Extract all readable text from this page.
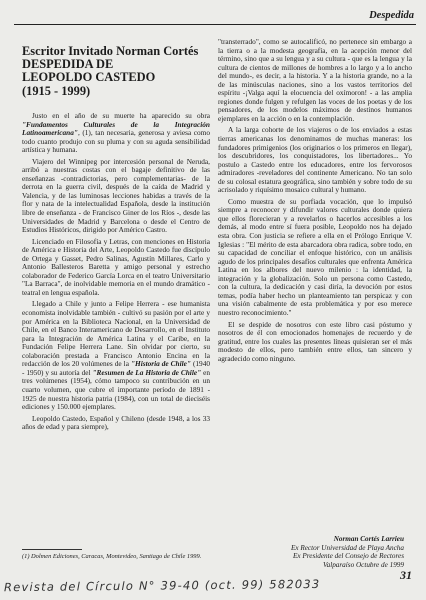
Despedida
Escritor Invitado Norman Cortés
DESPEDIDA DE
LEOPOLDO CASTEDO
(1915 - 1999)

Justo en el año de su muerte ha aparecido su obra "Fundamentos Culturales de la Integración Latinoamericana", (1), tan necesaria, generosa y aviesa como todo cuanto produjo con su pluma y con su aguda sensibilidad artística y humana.

Viajero del Winnipeg por intercesión personal de Neruda, arribó a nuestras costas con el bagaje definitivo de las enseñanzas -contradictorias, pero complementarias- de la derrota en la guerra civil, después de la caída de Madrid y Valencia, y de las luminosas lecciones habidas a través de la flor y nata de la intelectualidad Española, desde la institución libre de enseñanza - de Francisco Giner de los Ríos -, desde las Universidades de Madrid y Barcelona o desde el Centro de Estudios Históricos, dirigido por Américo Castro.

Licenciado en Filosofía y Letras, con menciones en Historia de América e Historia del Arte, Leopoldo Castedo fue discípulo de Ortega y Gasset, Pedro Salinas, Agustín Millares, Carlo y Antonio Ballesteros Baretta y amigo personal y estrecho colaborador de Federico García Lorca en el teatro Universitario "La Barraca", de inolvidable memoria en el mundo dramático - teatral en lengua española.

Llegado a Chile y junto a Felipe Herrera - ese humanista economista inolvidable también - cultivó su pasión por el arte y por América en la Biblioteca Nacional, en la Universidad de Chile, en el Banco Interamericano de Desarrollo, en el Instituto para la Integración de América Latina y el Caribe, en la Fundación Felipe Herrera Lane. Sin olvidar por cierto, su colaboración prestada a Francisco Antonio Encina en la redacción de los 20 volúmenes de la "Historia de Chile" (1940 - 1950) y su autoría del "Resumen de La Historia de Chile" en tres volúmenes (1954), cómo tampoco su contribución en un cuarto volumen, que cubre el importante período de 1891 - 1925 de nuestra historia patria (1984), con un total de dieciséis ediciones y 150.000 ejemplares.

Leopoldo Castedo, Español y Chileno (desde 1948, a los 33 años de edad y para siempre),

"transterrado", como se autocalificó, no pertenece sin embargo a la tierra o a la modesta geografía, en la acepción menor del término, sino que a su lengua y a su cultura - que es la lengua y la cultura de cientos de millones de hombres a lo largo y a lo ancho del mundo-, es decir, a la historia. Y a la historia grande, no a la de las minúsculas naciones, sino a los vastos territorios del espíritu -¡Valga aquí la elocuencia del oxímoron! - a las amplia regiones donde fulgen y refulgen las voces de los poetas y de los pensadores, de los modelos máximos de destinos humanos ejemplares en la acción o en la contemplación.

A la larga cohorte de los viajeros o de los enviados a estas tierras americanas los denominamos de muchas maneras: los fundadores primigenios (los originarios o los primeros en llegar), los descubridores, los conquistadores, los libertadores... Yo postulo a Castedo entre los educadores, entre los fervorosos admiradores -reveladores del continente Americano. No tan solo de su colosal estatura geográfica, sino también y sobre todo de su acrisolado y riquísimo mosaico cultural y humano.

Como muestra de su porfiada vocación, que lo impulsó siempre a reconocer y difundir valores culturales donde quiera que ellos florecieran y a revelarlos o hacerlos accesibles a los demás, al modo entre sí fuera posible, Leopoldo nos ha dejado esta obra. Con justicia se refiere a ella en el Prólogo Enrique V. Iglesias : "El mérito de esta abarcadora obra radica, sobre todo, en su capacidad de conciliar el enfoque histórico, con un análisis agudo de los principales desafíos culturales que enfrenta América Latina en los albores del nuevo milenio : la identidad, la integración y la globalización. Solo un persona como Castedo, con la cultura, la dedicación y casi diría, la devoción por estos temas, podía haber hecho un planteamiento tan perspicaz y con una visión cabalmente de esta problemática y por eso merece nuestro reconocimiento."

El se despide de nosotros con este libro casi póstumo y nosotros de él con emocionados homenajes de recuerdo y de gratitud, entre los cuales las presentes líneas quisieran ser el más modesto de ellos, pero también entre ellos, tan sincero y agradecido como ninguno.

(1) Dolmen Ediciones, Caracas, Montevideo, Santiago de Chile 1999.
Norman Cortés Larrieu
Ex Rector Universidad de Playa Ancha
Ex Presidente del Consejo de Rectores
Valparaíso Octubre de 1999
31
Revista del Círculo N° 39-40 (oct. 99) 582033
